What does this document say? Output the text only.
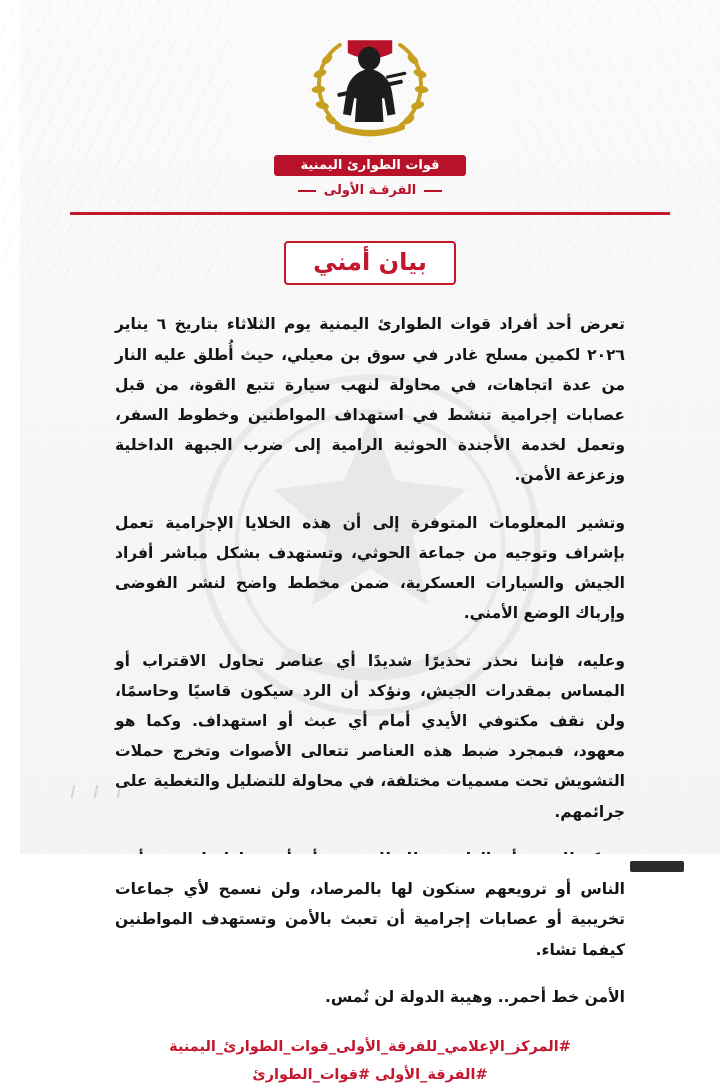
قوات الطوارئ اليمنية
الفرقـة الأولى
بيان أمني

تعرض أحد أفراد قوات الطوارئ اليمنية يوم الثلاثاء بتاريخ ٦ يناير ٢٠٢٦ لكمين مسلح غادر في سوق بن معيلي، حيث أُطلق عليه النار من عدة اتجاهات، في محاولة لنهب سيارة تتبع القوة، من قبل عصابات إجرامية تنشط في استهداف المواطنين وخطوط السفر، وتعمل لخدمة الأجندة الحوثية الرامية إلى ضرب الجبهة الداخلية وزعزعة الأمن.

وتشير المعلومات المتوفرة إلى أن هذه الخلايا الإجرامية تعمل بإشراف وتوجيه من جماعة الحوثي، وتستهدف بشكل مباشر أفراد الجيش والسيارات العسكرية، ضمن مخطط واضح لنشر الفوضى وإرباك الوضع الأمني.

وعليه، فإننا نحذر تحذيرًا شديدًا أي عناصر تحاول الاقتراب أو المساس بمقدرات الجيش، ونؤكد أن الرد سيكون قاسيًا وحاسمًا، ولن نقف مكتوفي الأيدي أمام أي عبث أو استهداف. وكما هو معهود، فبمجرد ضبط هذه العناصر تتعالى الأصوات وتخرج حملات التشويش تحت مسميات مختلفة، في محاولة للتضليل والتغطية على جرائمهم.

الناس أو ترويعهم سنكون لها بالمرصاد، ولن نسمح لأي جماعات تخريبية أو عصابات إجرامية أن تعبث بالأمن وتستهدف المواطنين كيفما تشاء.

الأمن خط أحمر.. وهيبة الدولة لن تُمس.

#المركز_الإعلامي_للفرقة_الأولى_قوات_الطوارئ_اليمنية
#الفرقة_الأولى #قوات_الطوارئ
